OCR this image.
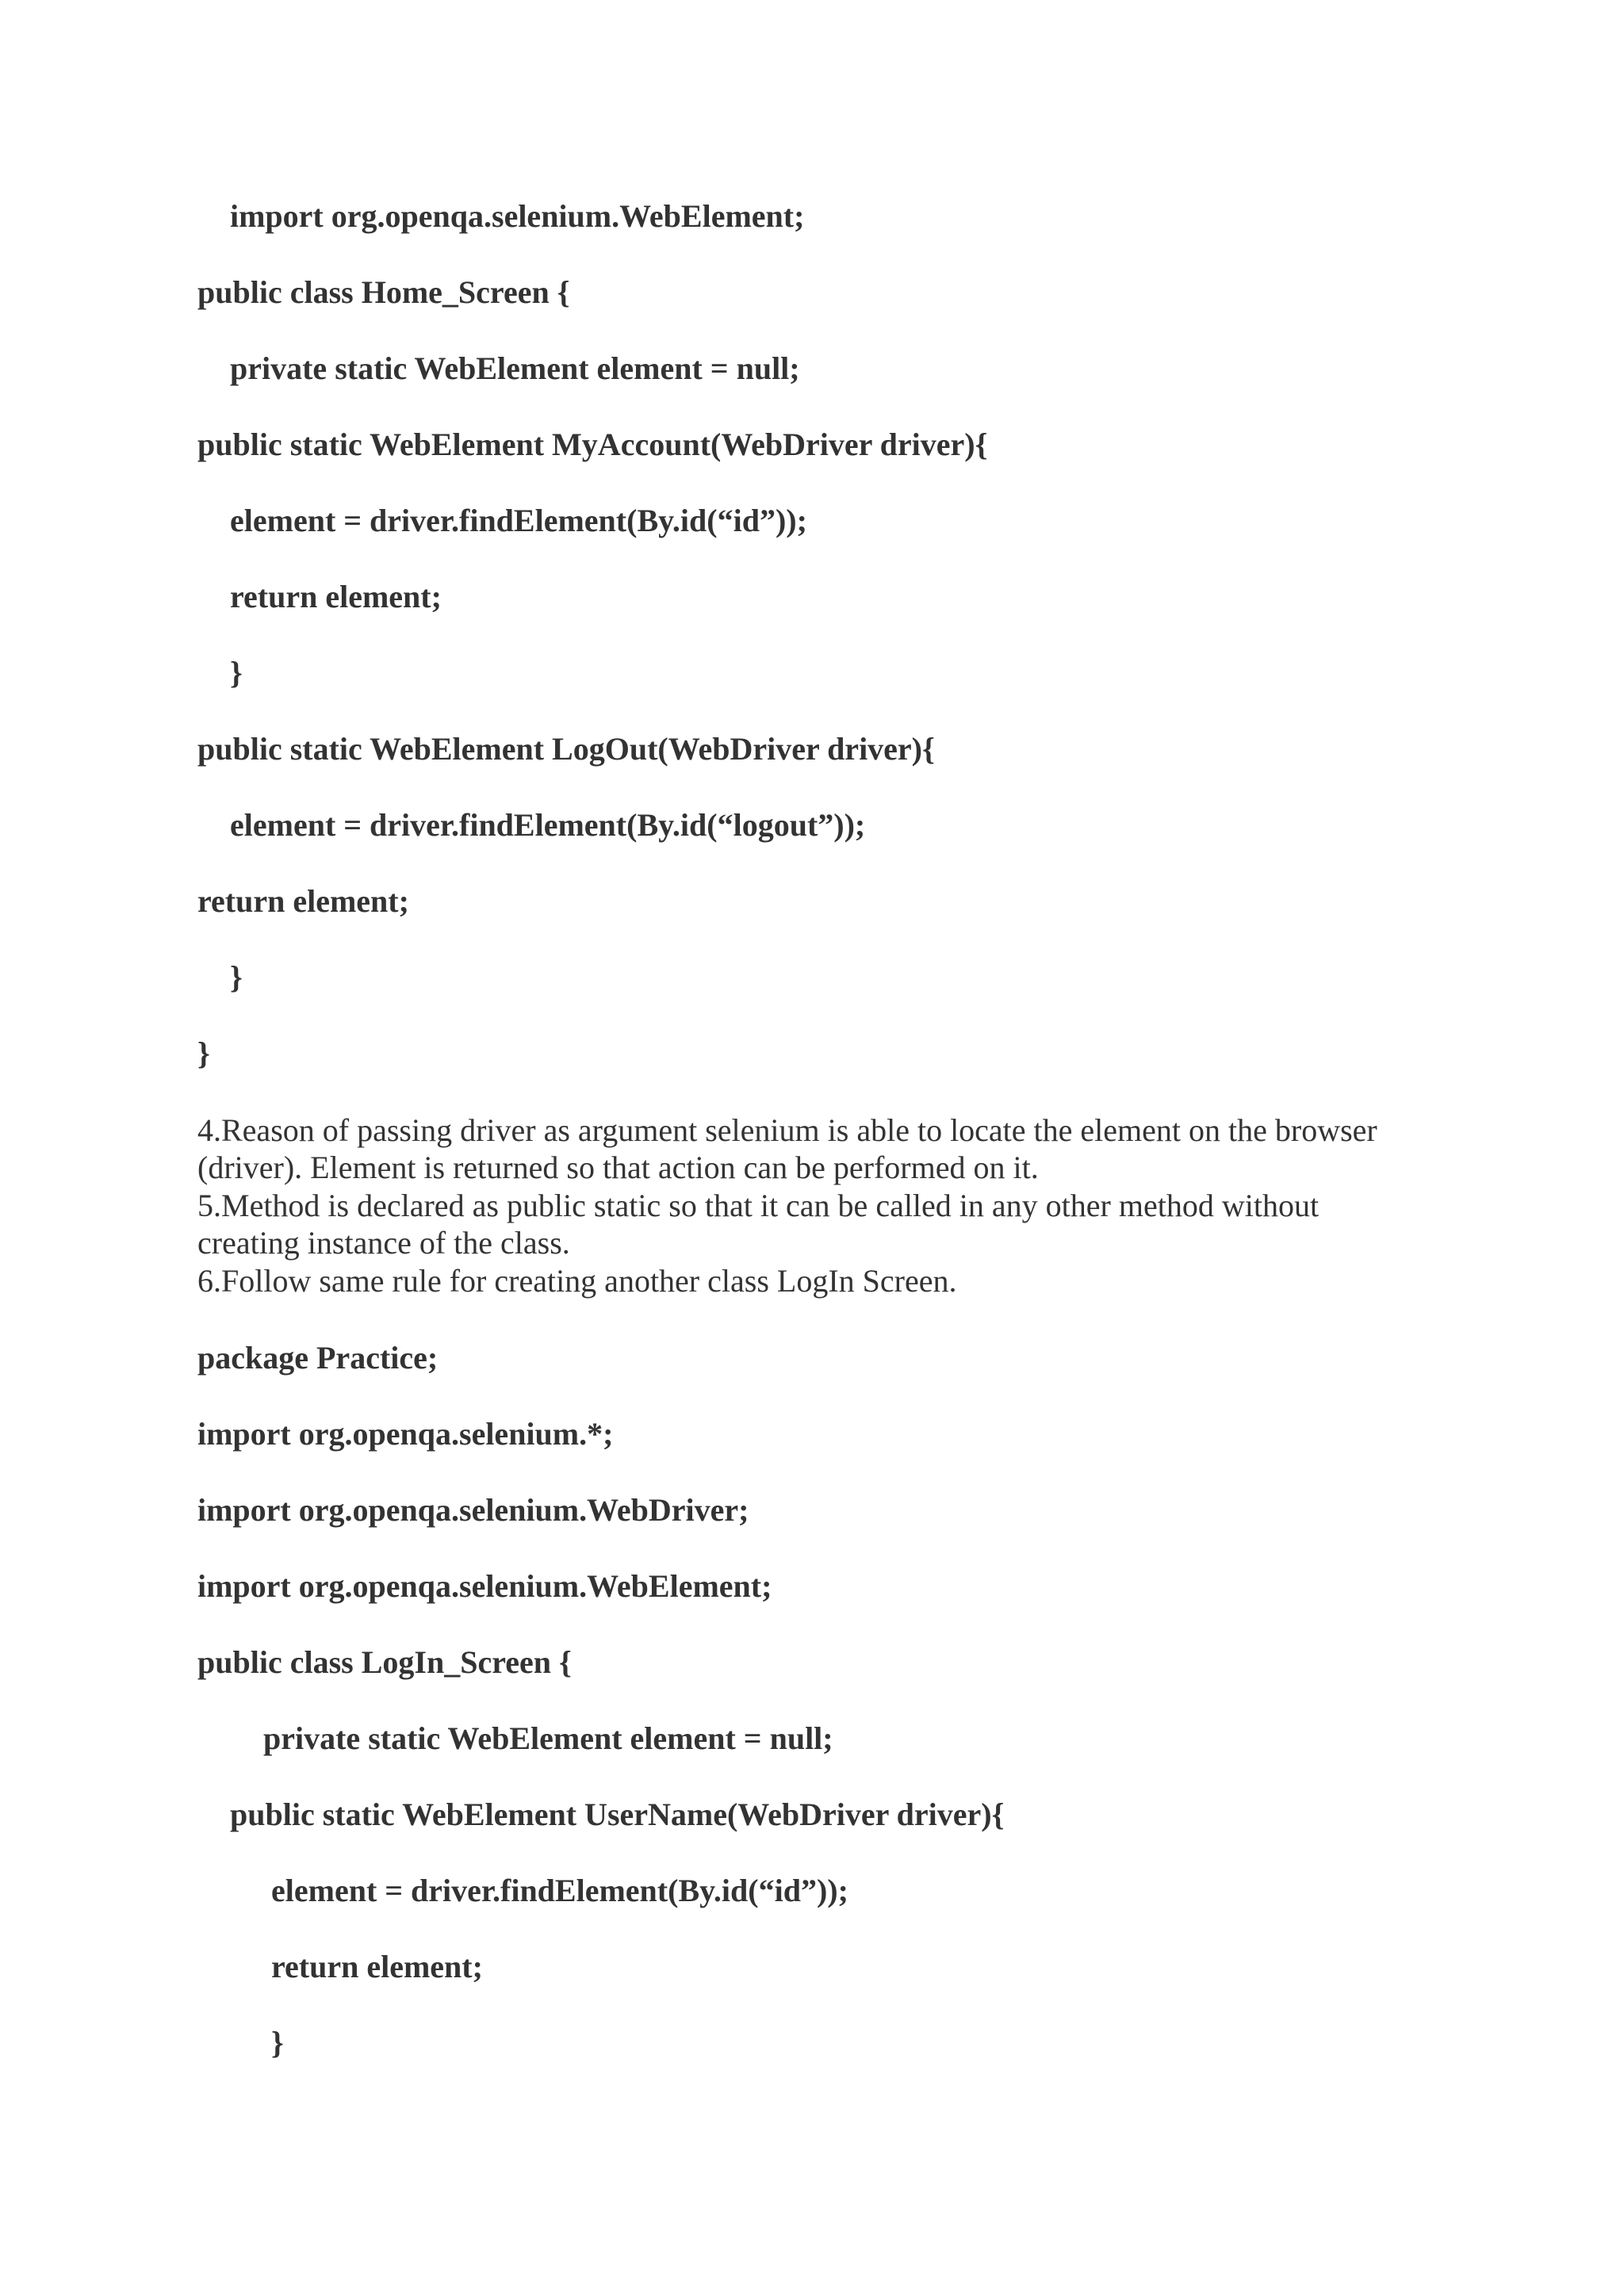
import org.openqa.selenium.WebElement;
public class Home_Screen {
private static WebElement element = null;
public static WebElement MyAccount(WebDriver driver){
element = driver.findElement(By.id(“id”));
return element;
}
public static WebElement LogOut(WebDriver driver){
element = driver.findElement(By.id(“logout”));
return element;
}
}
4.Reason of passing driver as argument selenium is able to locate the element on the browser
(driver). Element is returned so that action can be performed on it.
5.Method is declared as public static so that it can be called in any other method without
creating instance of the class.
6.Follow same rule for creating another class LogIn Screen.
package Practice;
import org.openqa.selenium.*;
import org.openqa.selenium.WebDriver;
import org.openqa.selenium.WebElement;
public class LogIn_Screen {
private static WebElement element = null;
public static WebElement UserName(WebDriver driver){
element = driver.findElement(By.id(“id”));
return element;
}
